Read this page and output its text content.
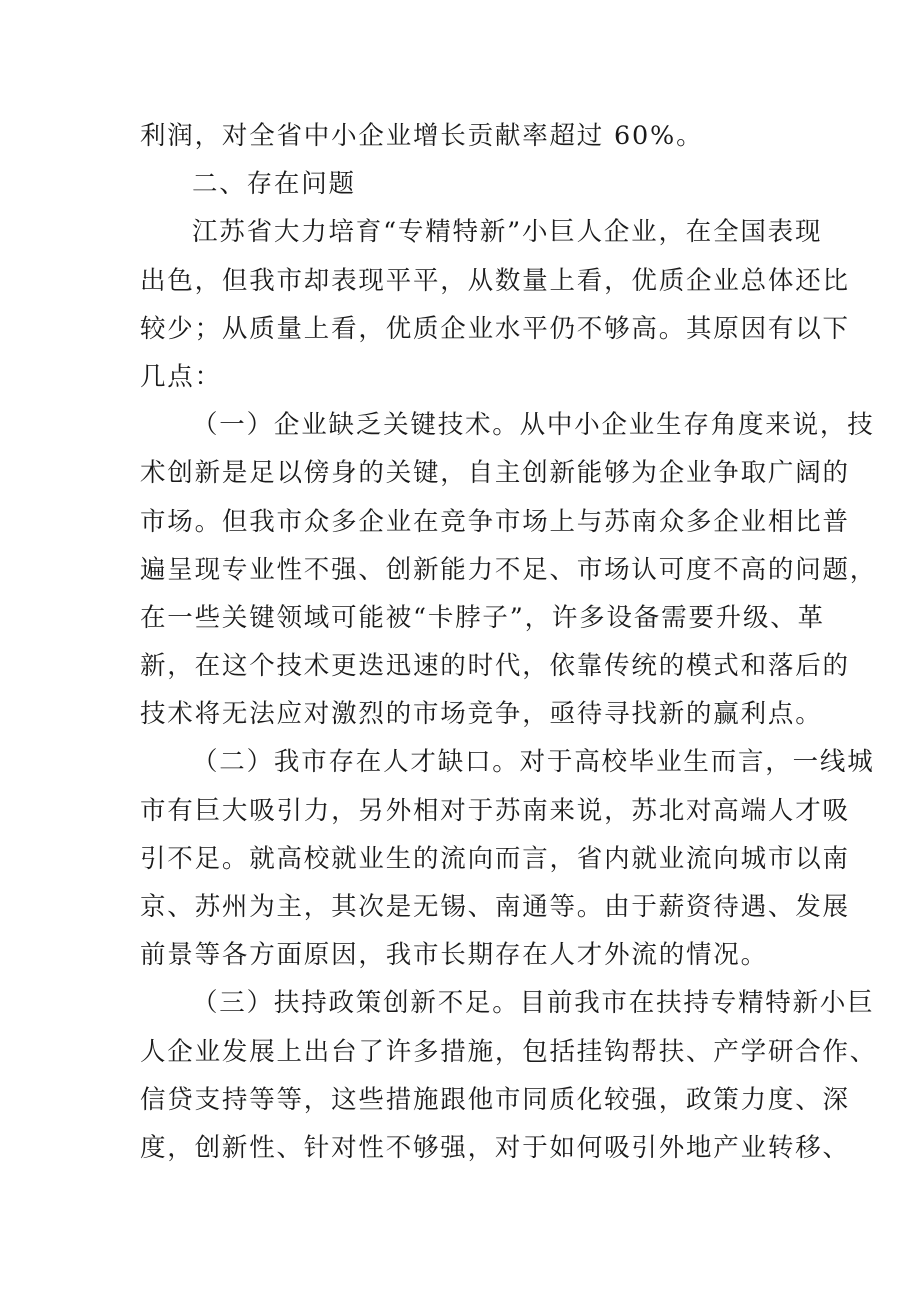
利润，对全省中小企业增长贡献率超过 60%。
二、存在问题
江苏省大力培育“专精特新”小巨人企业，在全国表现
出色，但我市却表现平平，从数量上看，优质企业总体还比
较少；从质量上看，优质企业水平仍不够高。其原因有以下
几点：
（一）企业缺乏关键技术。从中小企业生存角度来说，技
术创新是足以傍身的关键，自主创新能够为企业争取广阔的
市场。但我市众多企业在竞争市场上与苏南众多企业相比普
遍呈现专业性不强、创新能力不足、市场认可度不高的问题，
在一些关键领域可能被“卡脖子”，许多设备需要升级、革
新，在这个技术更迭迅速的时代，依靠传统的模式和落后的
技术将无法应对激烈的市场竞争，亟待寻找新的赢利点。
（二）我市存在人才缺口。对于高校毕业生而言，一线城
市有巨大吸引力，另外相对于苏南来说，苏北对高端人才吸
引不足。就高校就业生的流向而言，省内就业流向城市以南
京、苏州为主，其次是无锡、南通等。由于薪资待遇、发展
前景等各方面原因，我市长期存在人才外流的情况。
（三）扶持政策创新不足。目前我市在扶持专精特新小巨
人企业发展上出台了许多措施，包括挂钩帮扶、产学研合作、
信贷支持等等，这些措施跟他市同质化较强，政策力度、深
度，创新性、针对性不够强，对于如何吸引外地产业转移、
